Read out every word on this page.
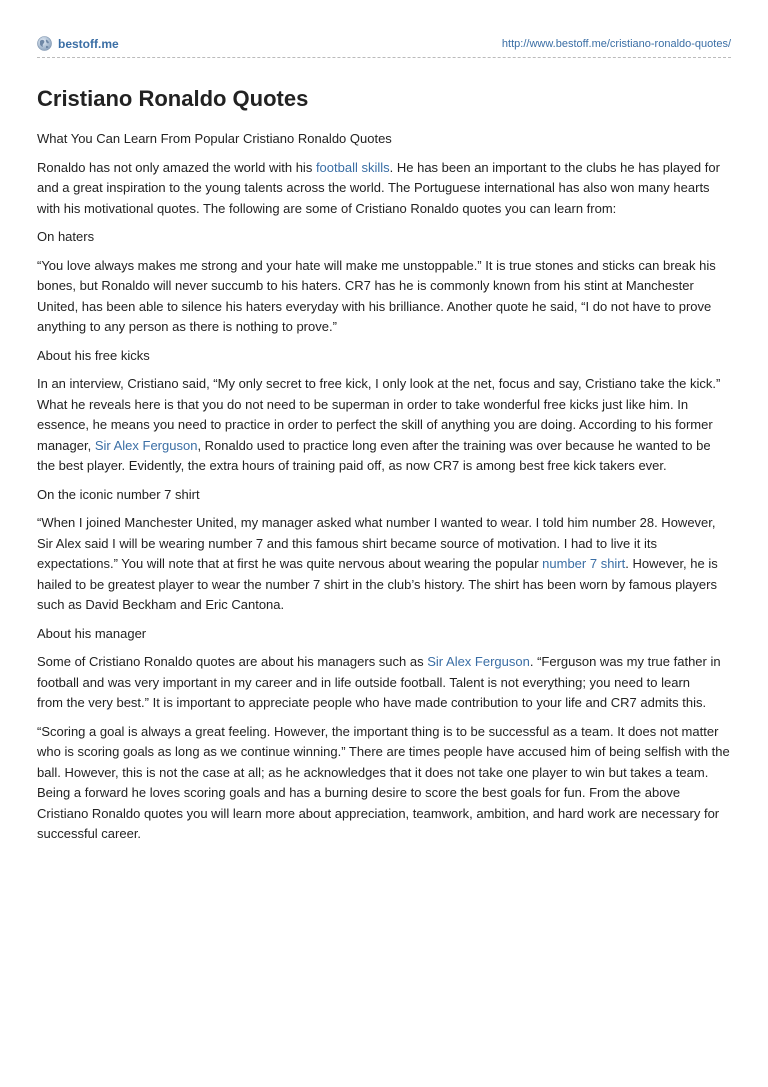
bestoff.me	http://www.bestoff.me/cristiano-ronaldo-quotes/
Cristiano Ronaldo Quotes

What You Can Learn From Popular Cristiano Ronaldo Quotes

Ronaldo has not only amazed the world with his football skills. He has been an important to the clubs he has played for and a great inspiration to the young talents across the world. The Portuguese international has also won many hearts with his motivational quotes. The following are some of Cristiano Ronaldo quotes you can learn from:

On haters

“You love always makes me strong and your hate will make me unstoppable.” It is true stones and sticks can break his bones, but Ronaldo will never succumb to his haters. CR7 has he is commonly known from his stint at Manchester United, has been able to silence his haters everyday with his brilliance. Another quote he said, “I do not have to prove anything to any person as there is nothing to prove.”

About his free kicks

In an interview, Cristiano said, “My only secret to free kick, I only look at the net, focus and say, Cristiano take the kick.” What he reveals here is that you do not need to be superman in order to take wonderful free kicks just like him. In essence, he means you need to practice in order to perfect the skill of anything you are doing. According to his former manager, Sir Alex Ferguson, Ronaldo used to practice long even after the training was over because he wanted to be the best player. Evidently, the extra hours of training paid off, as now CR7 is among best free kick takers ever.

On the iconic number 7 shirt

“When I joined Manchester United, my manager asked what number I wanted to wear. I told him number 28. However, Sir Alex said I will be wearing number 7 and this famous shirt became source of motivation. I had to live it its expectations.” You will note that at first he was quite nervous about wearing the popular number 7 shirt. However, he is hailed to be greatest player to wear the number 7 shirt in the club’s history. The shirt has been worn by famous players such as David Beckham and Eric Cantona.

About his manager

Some of Cristiano Ronaldo quotes are about his managers such as Sir Alex Ferguson. “Ferguson was my true father in football and was very important in my career and in life outside football. Talent is not everything; you need to learn
from the very best.” It is important to appreciate people who have made contribution to your life and CR7 admits this.

“Scoring a goal is always a great feeling. However, the important thing is to be successful as a team. It does not matter who is scoring goals as long as we continue winning.” There are times people have accused him of being selfish with the ball. However, this is not the case at all; as he acknowledges that it does not take one player to win but takes a team. Being a forward he loves scoring goals and has a burning desire to score the best goals for fun. From the above Cristiano Ronaldo quotes you will learn more about appreciation, teamwork, ambition, and hard work are necessary for successful career.
